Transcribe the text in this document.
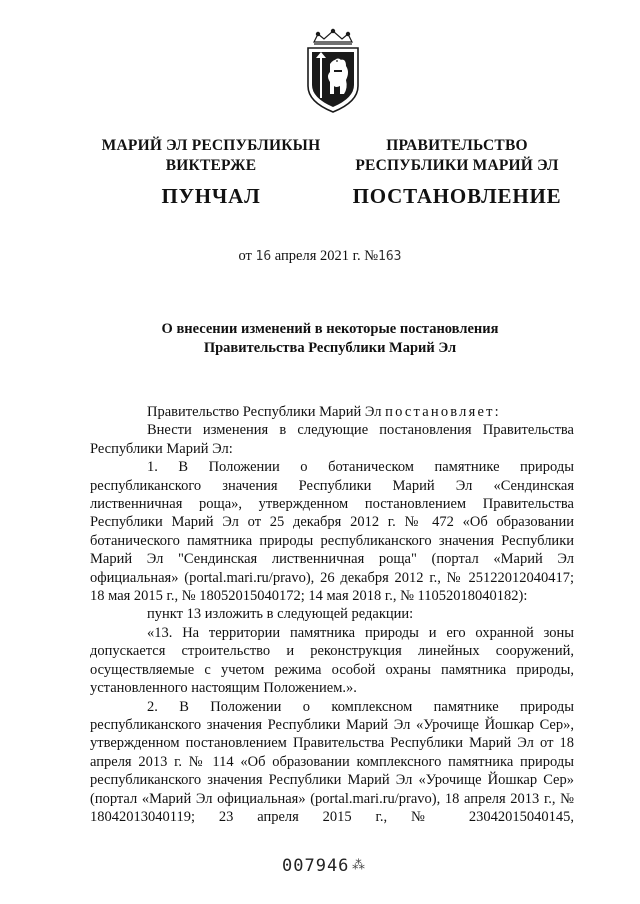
МАРИЙ ЭЛ РЕСПУБЛИКЫН
ВИКТЕРЖЕ
ПУНЧАЛ
ПРАВИТЕЛЬСТВО
РЕСПУБЛИКИ МАРИЙ ЭЛ
ПОСТАНОВЛЕНИЕ
от 16 апреля 2021 г. №163
О внесении изменений в некоторые постановления
Правительства Республики Марий Эл

Правительство Республики Марий Эл постановляет:

Внести изменения в следующие постановления Правительства Республики Марий Эл:

1. В Положении о ботаническом памятнике природы республиканского значения Республики Марий Эл «Сендинская лиственничная роща», утвержденном постановлением Правительства Республики Марий Эл от 25 декабря 2012 г. № 472 «Об образовании ботанического памятника природы республиканского значения Республики Марий Эл "Сендинская лиственничная роща" (портал «Марий Эл официальная» (portal.mari.ru/pravo), 26 декабря 2012 г., № 25122012040417; 18 мая 2015 г., № 18052015040172; 14 мая 2018 г., № 11052018040182):

пункт 13 изложить в следующей редакции:

«13. На территории памятника природы и его охранной зоны допускается строительство и реконструкция линейных сооружений, осуществляемые с учетом режима особой охраны памятника природы, установленного настоящим Положением.».

2. В Положении о комплексном памятнике природы республиканского значения Республики Марий Эл «Урочище Йошкар Сер», утвержденном постановлением Правительства Республики Марий Эл от 18 апреля 2013 г. № 114 «Об образовании комплексного памятника природы республиканского значения Республики Марий Эл «Урочище Йошкар Сер» (портал «Марий Эл официальная» (portal.mari.ru/pravo), 18 апреля 2013 г., № 18042013040119; 23 апреля 2015 г., № 23042015040145,

007946 ⁂
